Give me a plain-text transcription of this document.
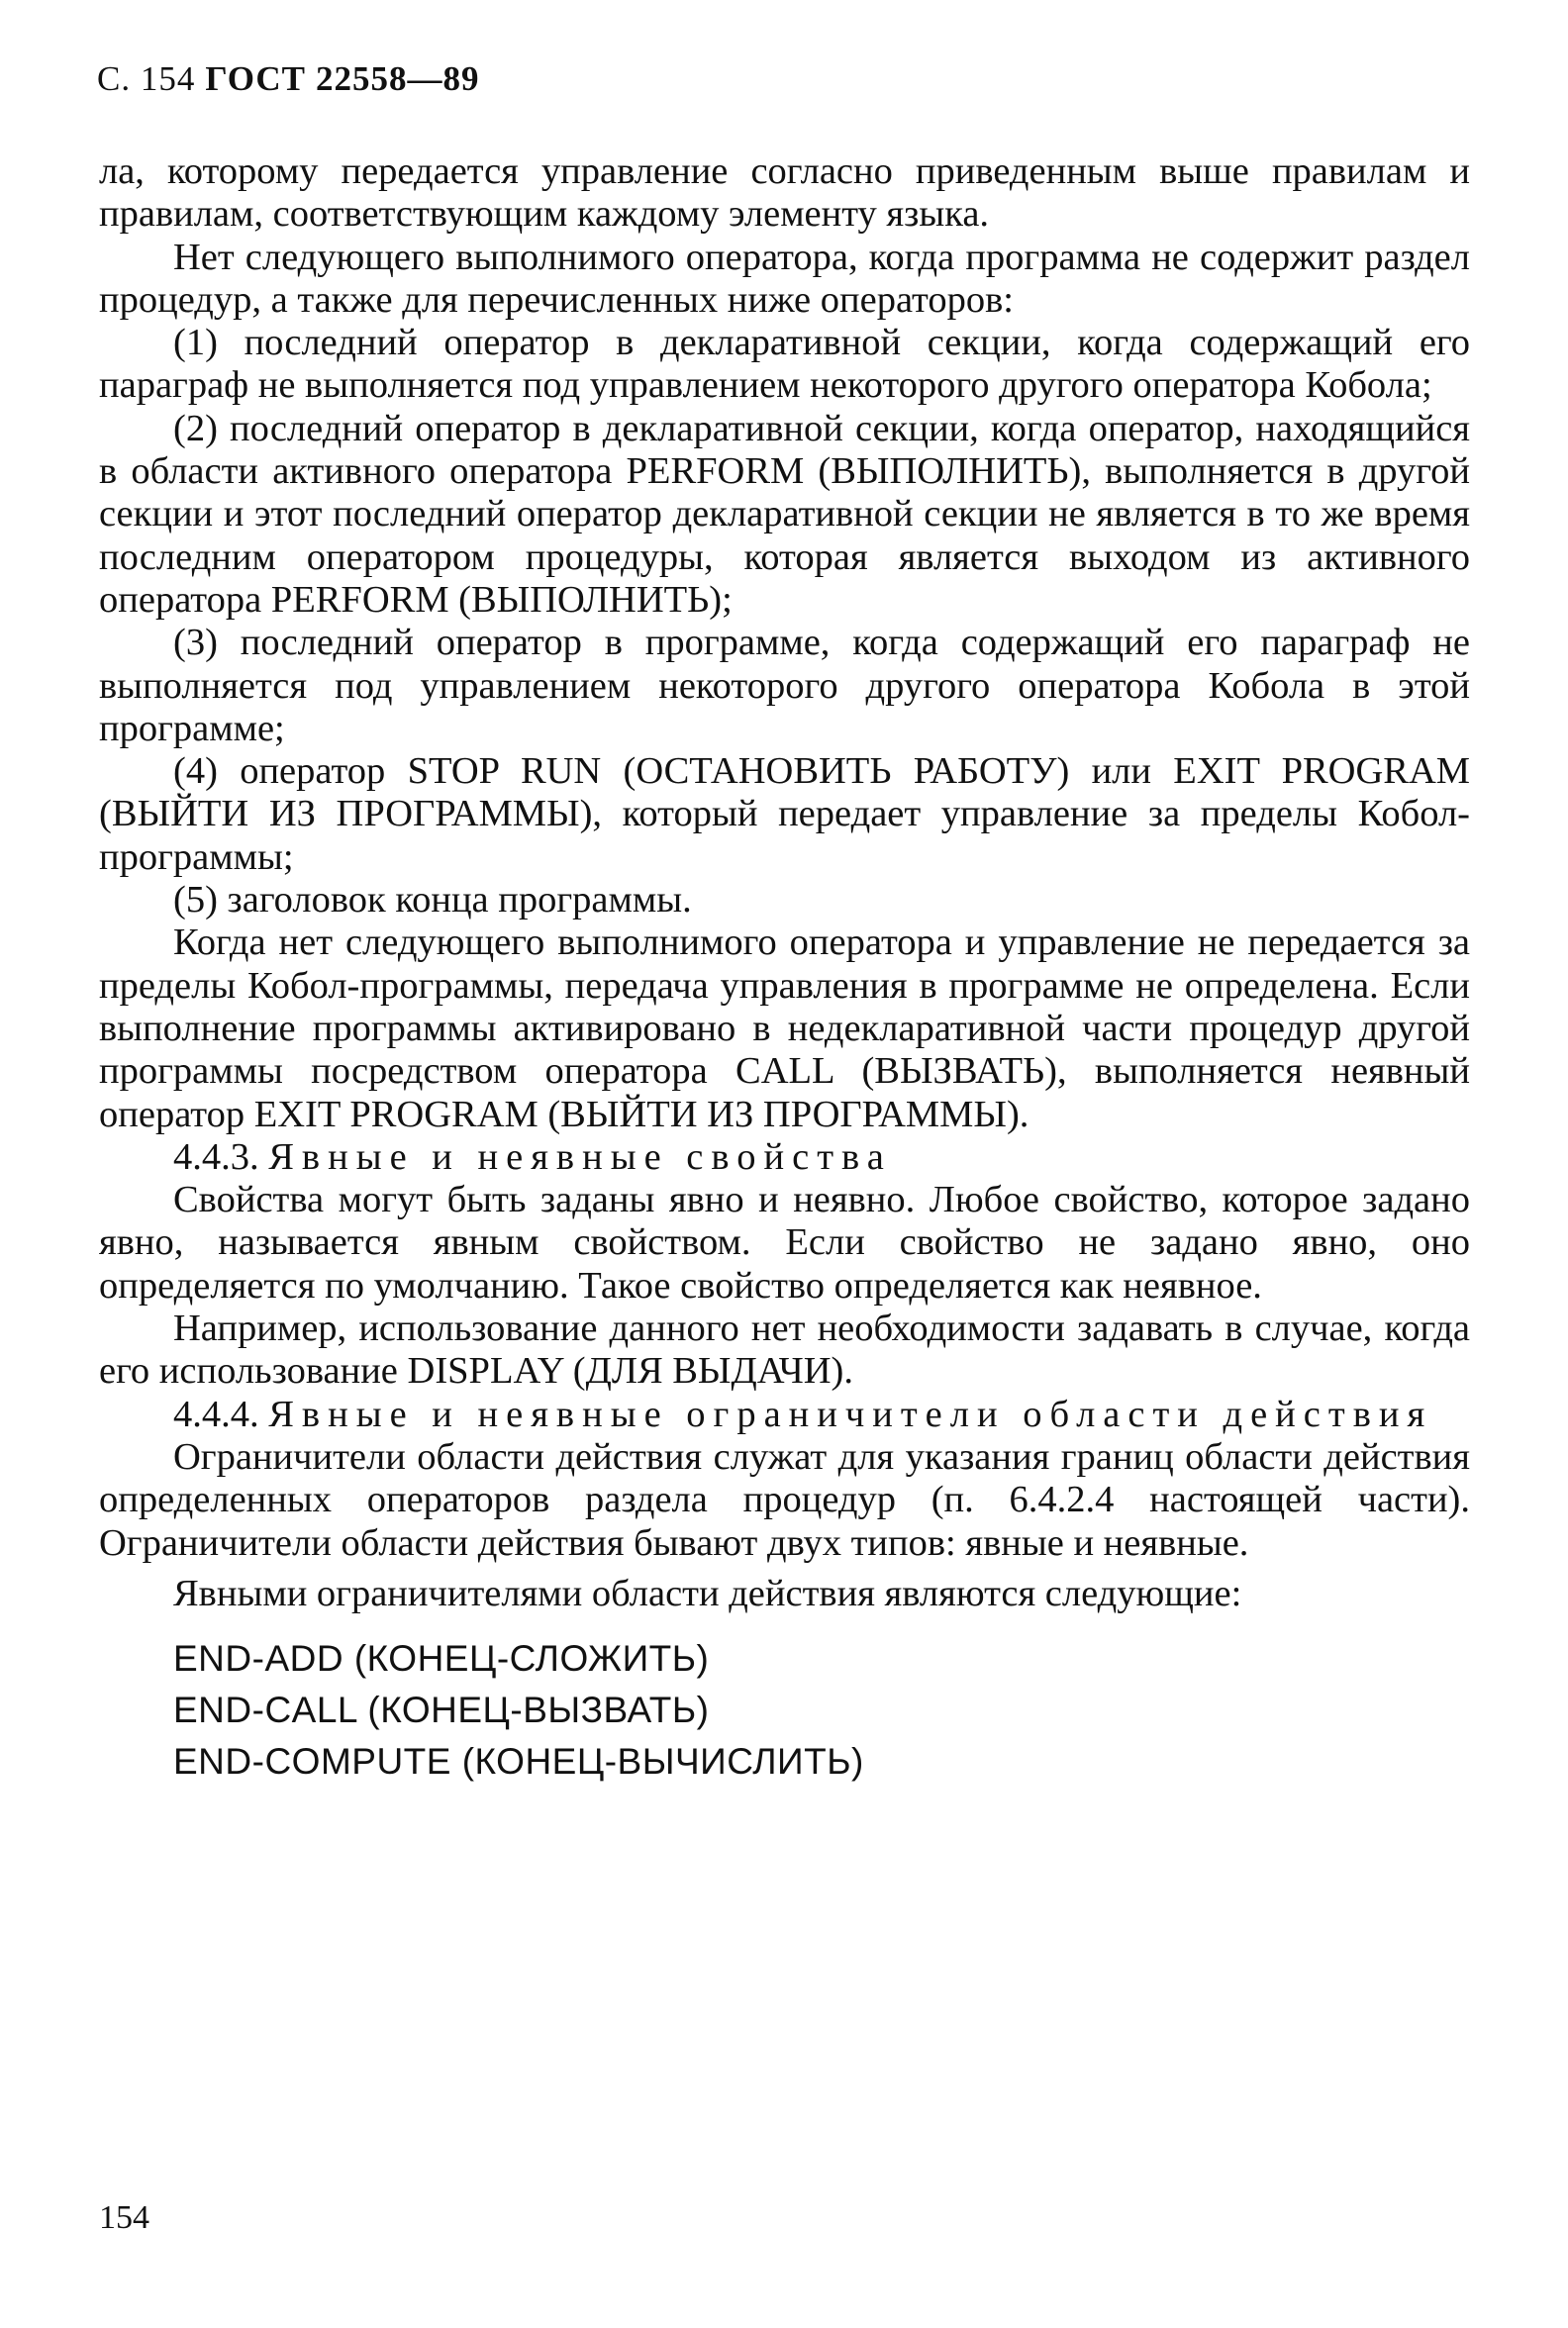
С. 154 ГОСТ 22558—89

ла, которому передается управление согласно приведенным выше правилам и правилам, соответствующим каждому элементу языка.

Нет следующего выполнимого оператора, когда программа не содержит раздел процедур, а также для перечисленных ниже операторов:

(1) последний оператор в декларативной секции, когда содержащий его параграф не выполняется под управлением некоторого другого оператора Кобола;

(2) последний оператор в декларативной секции, когда оператор, находящийся в области активного оператора PERFORM (ВЫПОЛНИТЬ), выполняется в другой секции и этот последний оператор декларативной секции не является в то же время последним оператором процедуры, которая является выходом из активного оператора PERFORM (ВЫПОЛНИТЬ);

(3) последний оператор в программе, когда содержащий его параграф не выполняется под управлением некоторого другого оператора Кобола в этой программе;

(4) оператор STOP RUN (ОСТАНОВИТЬ РАБОТУ) или EXIT PROGRAM (ВЫЙТИ ИЗ ПРОГРАММЫ), который передает управление за пределы Кобол-программы;

(5) заголовок конца программы.

Когда нет следующего выполнимого оператора и управление не передается за пределы Кобол-программы, передача управления в программе не определена. Если выполнение программы активировано в недекларативной части процедур другой программы посредством оператора CALL (ВЫЗВАТЬ), выполняется неявный оператор EXIT PROGRAM (ВЫЙТИ ИЗ ПРОГРАММЫ).

4.4.3. Явные и неявные свойства

Свойства могут быть заданы явно и неявно. Любое свойство, которое задано явно, называется явным свойством. Если свойство не задано явно, оно определяется по умолчанию. Такое свойство определяется как неявное.

Например, использование данного нет необходимости задавать в случае, когда его использование DISPLAY (ДЛЯ ВЫДАЧИ).

4.4.4. Явные и неявные ограничители области действия

Ограничители области действия служат для указания границ области действия определенных операторов раздела процедур (п. 6.4.2.4 настоящей части). Ограничители области действия бывают двух типов: явные и неявные.

Явными ограничителями области действия являются следующие:

END-ADD (КОНЕЦ-СЛОЖИТЬ)
END-CALL (КОНЕЦ-ВЫЗВАТЬ)
END-COMPUTE (КОНЕЦ-ВЫЧИСЛИТЬ)
154
